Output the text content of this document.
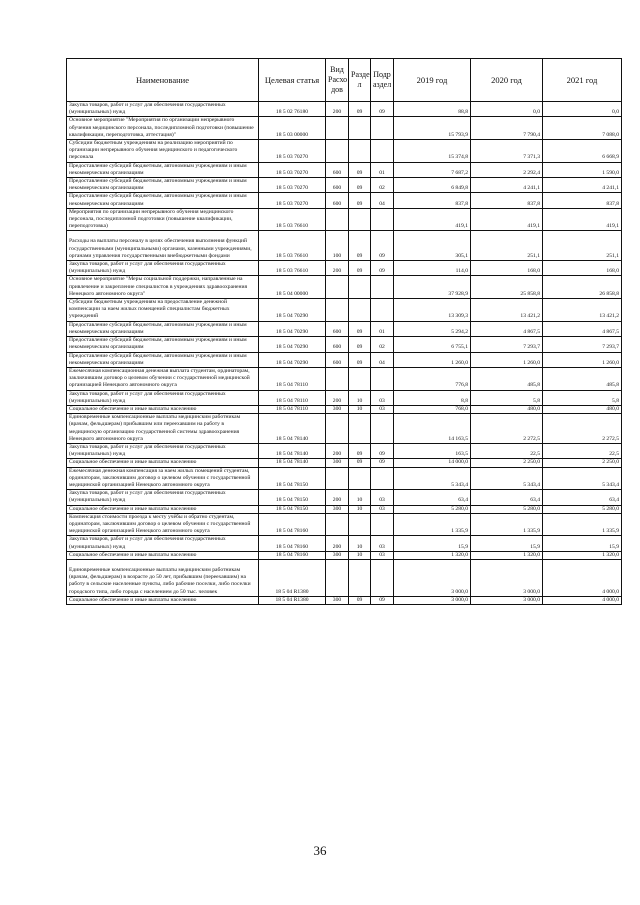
Наименование	Целевая статья	Вид Расхо дов	Разде л	Подр аздел	2019 год	2020 год	2021 год
Закупка товаров, работ и услуг для обеспечения государственных (муниципальных) нужд	18 5 02 76180	200	09	09	88,8	0,0	0,0
Основное мероприятие "Мероприятия по организации непрерывного обучения медицинского персонала, последипломной подготовки (повышение квалификации, переподготовка, аттестация)"	18 5 03 00000				15 793,9	7 790,4	7 088,0
Субсидии бюджетным учреждениям на реализацию мероприятий по организации непрерывного обучения медицинского и педагогического персонала	18 5 03 70270				15 374,8	7 371,3	6 668,9
Предоставление субсидий бюджетным, автономным учреждениям и иным некоммерческим организациям	18 5 03 70270	600	09	01	7 687,2	2 292,4	1 590,0
Предоставление субсидий бюджетным, автономным учреждениям и иным некоммерческим организациям	18 5 03 70270	600	09	02	6 849,8	4 241,1	4 241,1
Предоставление субсидий бюджетным, автономным учреждениям и иным некоммерческим организациям	18 5 03 70270	600	09	04	837,8	837,8	837,8
Мероприятия по организации непрерывного обучения медицинского персонала, последипломной подготовки (повышение квалификации, переподготовка)	18 5 03 76610				419,1	419,1	419,1
Расходы на выплаты персоналу в целях обеспечения выполнения функций государственными (муниципальными) органами, казенными учреждениями, органами управления государственными внебюджетными фондами	18 5 03 76610	100	09	09	305,1	251,1	251,1
Закупка товаров, работ и услуг для обеспечения государственных (муниципальных) нужд	18 5 03 76610	200	09	09	114,0	168,0	168,0
Основное мероприятие "Меры социальной поддержки, направленные на привлечение и закрепление специалистов в учреждениях здравоохранения Ненецкого автономного округа"	18 5 04 00000				37 928,9	25 858,8	26 858,8
Субсидии бюджетным учреждениям на предоставление денежной компенсации за наем жилых помещений специалистам бюджетных учреждений	18 5 04 70290				13 309,3	13 421,2	13 421,2
Предоставление субсидий бюджетным, автономным учреждениям и иным некоммерческим организациям	18 5 04 70290	600	09	01	5 294,2	4 867,5	4 867,5
Предоставление субсидий бюджетным, автономным учреждениям и иным некоммерческим организациям	18 5 04 70290	600	09	02	6 755,1	7 293,7	7 293,7
Предоставление субсидий бюджетным, автономным учреждениям и иным некоммерческим организациям	18 5 04 70290	600	09	04	1 260,0	1 260,0	1 260,0
Ежемесячная компенсационная денежная выплата студентам, ординаторам, заключившим договор о целевом обучении с государственной медицинской организацией Ненецкого автономного округа	18 5 04 78110				776,8	485,8	485,8
Закупка товаров, работ и услуг для обеспечения государственных (муниципальных) нужд	18 5 04 78110	200	10	03	8,8	5,8	5,8
Социальное обеспечение и иные выплаты населению	18 5 04 78110	300	10	03	768,0	480,0	480,0
Единовременные компенсационные выплаты медицинским работникам (врачам, фельдшерам) прибывшим или переехавшим на работу в медицинскую организацию государственной системы здравоохранения Ненецкого автономного округа	18 5 04 78140				14 163,5	2 272,5	2 272,5
Закупка товаров, работ и услуг для обеспечения государственных (муниципальных) нужд	18 5 04 78140	200	09	09	163,5	22,5	22,5
Социальное обеспечение и иные выплаты населению	18 5 04 78140	300	09	09	14 000,0	2 250,0	2 250,0
Ежемесячная денежная компенсация за наем жилых помещений студентам, ординаторам, заключившим договор о целевом обучении с государственной медицинской организацией Ненецкого автономного округа	18 5 04 78150				5 343,4	5 343,4	5 343,4
Закупка товаров, работ и услуг для обеспечения государственных (муниципальных) нужд	18 5 04 78150	200	10	03	63,4	63,4	63,4
Социальное обеспечение и иные выплаты населению	18 5 04 78150	300	10	03	5 280,0	5 280,0	5 280,0
Компенсация стоимости проезда к месту учёбы и обратно студентам, ординаторам, заключившим договор о целевом обучении с государственной медицинской организацией Ненецкого автономного округа	18 5 04 78160				1 335,9	1 335,9	1 335,9
Закупка товаров, работ и услуг для обеспечения государственных (муниципальных) нужд	18 5 04 78160	200	10	03	15,9	15,9	15,9
Социальное обеспечение и иные выплаты населению	18 5 04 78160	300	10	03	1 320,0	1 320,0	1 320,0
Единовременные компенсационные выплаты медицинским работникам (врачам, фельдшерам) в возрасте до 50 лет, прибывшим (переехавшим) на работу в сельские населенные пункты, либо рабочие поселки, либо поселки городского типа, либо города с населением до 50 тыс. человек	18 5 04 R1380				3 000,0	3 000,0	4 000,0
Социальное обеспечение и иные выплаты населению	18 5 04 R1380	300	09	09	3 000,0	3 000,0	4 000,0
36
